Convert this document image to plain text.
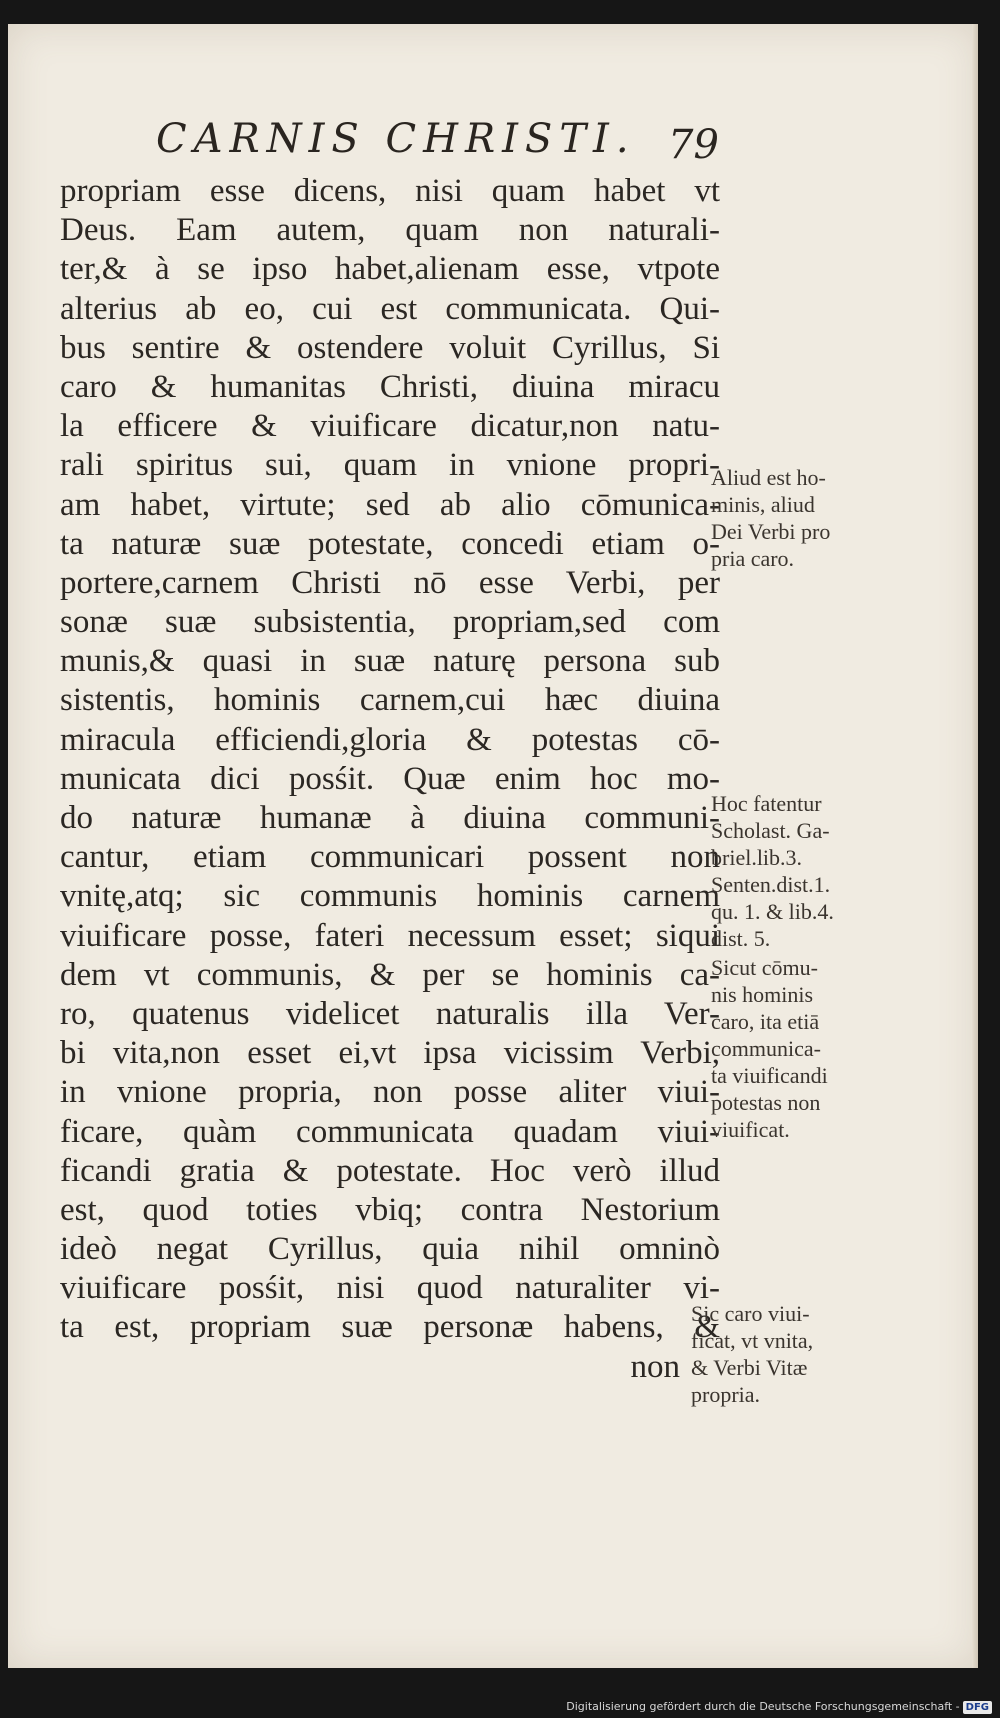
CARNIS CHRISTI. 79
propriam esse dicens, nisi quam habet vt
Deus. Eam autem, quam non naturali-
ter,& à se ipso habet,alienam esse, vtpote
alterius ab eo, cui est communicata. Qui-
bus sentire & ostendere voluit Cyrillus, Si
caro & humanitas Christi, diuina miracu
la efficere & viuificare dicatur,non natu-
rali spiritus sui, quam in vnione propri-
am habet, virtute; sed ab alio cōmunica-
ta naturæ suæ potestate, concedi etiam o-
portere,carnem Christi nō esse Verbi, per
sonæ suæ subsistentia, propriam,sed com
munis,& quasi in suæ naturę persona sub
sistentis, hominis carnem,cui hæc diuina
miracula efficiendi,gloria & potestas cō-
municata dici posśit. Quæ enim hoc mo-
do naturæ humanæ à diuina communi-
cantur, etiam communicari possent non
vnitę,atq; sic communis hominis carnem
viuificare posse, fateri necessum esset; siqui
dem vt communis, & per se hominis ca-
ro, quatenus videlicet naturalis illa Ver-
bi vita,non esset ei,vt ipsa vicissim Verbi,
in vnione propria, non posse aliter viui-
ficare, quàm communicata quadam viui-
ficandi gratia & potestate. Hoc verò illud
est, quod toties vbiq; contra Nestorium
ideò negat Cyrillus, quia nihil omninò
viuificare posśit, nisi quod naturaliter vi-
ta est, propriam suæ personæ habens, &
non
Aliud est ho-
minis, aliud
Dei Verbi pro
pria caro.
Hoc fatentur
Scholast. Ga-
briel.lib.3.
Senten.dist.1.
qu. 1. & lib.4.
dist. 5.
Sicut cōmu-
nis hominis
caro, ita etiā
communica-
ta viuificandi
potestas non
viuificat.
Sic caro viui-
ficat, vt vnita,
& Verbi Vitæ
propria.
Digitalisierung gefördert durch die Deutsche Forschungsgemeinschaft - DFG
